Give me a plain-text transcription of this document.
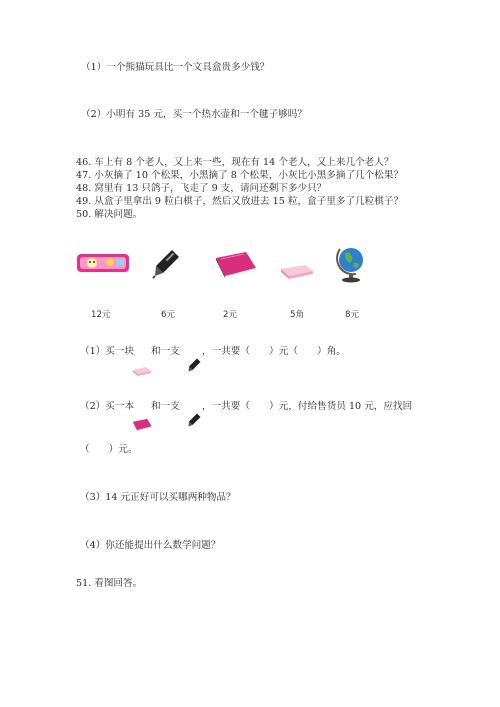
（1）一个熊猫玩具比一个文具盒贵多少钱？
（2）小明有 35 元，买一个热水壶和一个毽子够吗？
46. 车上有 8 个老人，又上来一些，现在有 14 个老人，又上来几个老人？
47. 小灰摘了 10 个松果，小黑摘了 8 个松果，小灰比小黑多摘了几个松果？
48. 窝里有 13 只鸽子，飞走了 9 支，请问还剩下多少只？
49. 从盒子里拿出 9 粒白棋子，然后又放进去 15 粒，盒子里多了几粒棋子？
50. 解决问题。
12元	6元	2元	5角	8元
（1）买一块 和一支 ，一共要（　　）元（　　）角。
（2）买一本 和一支 ，一共要（　　）元，付给售货员 10 元，应找回
（　　）元。
（3）14 元正好可以买哪两种物品？
（4）你还能提出什么数学问题？
51. 看图回答。
